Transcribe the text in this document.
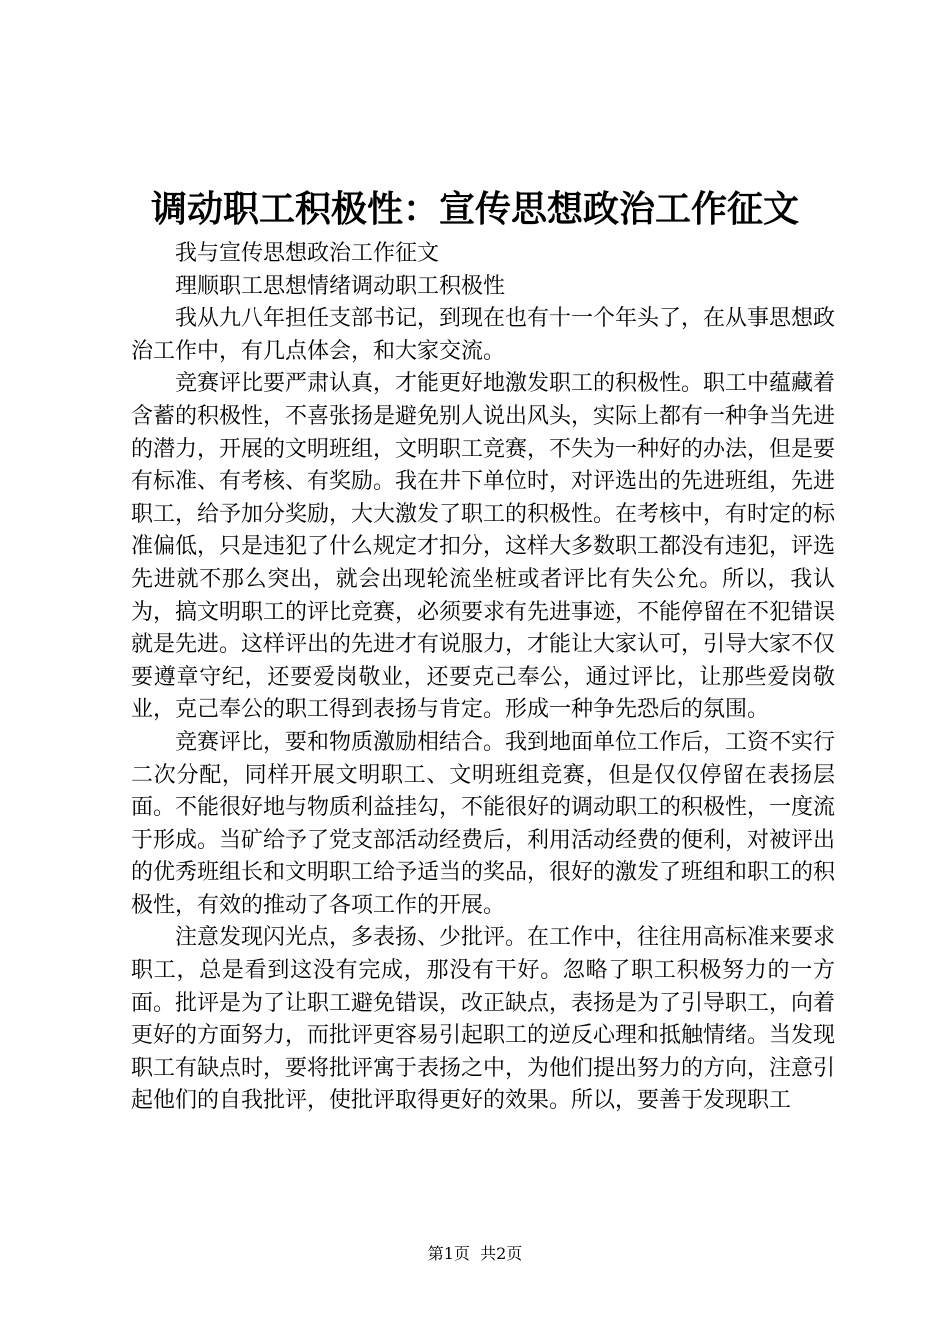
调动职工积极性：宣传思想政治工作征文

我与宣传思想政治工作征文

理顺职工思想情绪调动职工积极性

我从九八年担任支部书记，到现在也有十一个年头了，在从事思想政治工作中，有几点体会，和大家交流。

竞赛评比要严肃认真，才能更好地激发职工的积极性。职工中蕴藏着含蓄的积极性，不喜张扬是避免别人说出风头，实际上都有一种争当先进的潜力，开展的文明班组，文明职工竞赛，不失为一种好的办法，但是要有标准、有考核、有奖励。我在井下单位时，对评选出的先进班组，先进职工，给予加分奖励，大大激发了职工的积极性。在考核中，有时定的标准偏低，只是违犯了什么规定才扣分，这样大多数职工都没有违犯，评选先进就不那么突出，就会出现轮流坐桩或者评比有失公允。所以，我认为，搞文明职工的评比竞赛，必须要求有先进事迹，不能停留在不犯错误就是先进。这样评出的先进才有说服力，才能让大家认可，引导大家不仅要遵章守纪，还要爱岗敬业，还要克己奉公，通过评比，让那些爱岗敬业，克己奉公的职工得到表扬与肯定。形成一种争先恐后的氛围。

竞赛评比，要和物质激励相结合。我到地面单位工作后，工资不实行二次分配，同样开展文明职工、文明班组竞赛，但是仅仅停留在表扬层面。不能很好地与物质利益挂勾，不能很好的调动职工的积极性，一度流于形成。当矿给予了党支部活动经费后，利用活动经费的便利，对被评出的优秀班组长和文明职工给予适当的奖品，很好的激发了班组和职工的积极性，有效的推动了各项工作的开展。

注意发现闪光点，多表扬、少批评。在工作中，往往用高标准来要求职工，总是看到这没有完成，那没有干好。忽略了职工积极努力的一方面。批评是为了让职工避免错误，改正缺点，表扬是为了引导职工，向着更好的方面努力，而批评更容易引起职工的逆反心理和抵触情绪。当发现职工有缺点时，要将批评寓于表扬之中，为他们提出努力的方向，注意引起他们的自我批评，使批评取得更好的效果。所以，要善于发现职工

第1页  共2页
